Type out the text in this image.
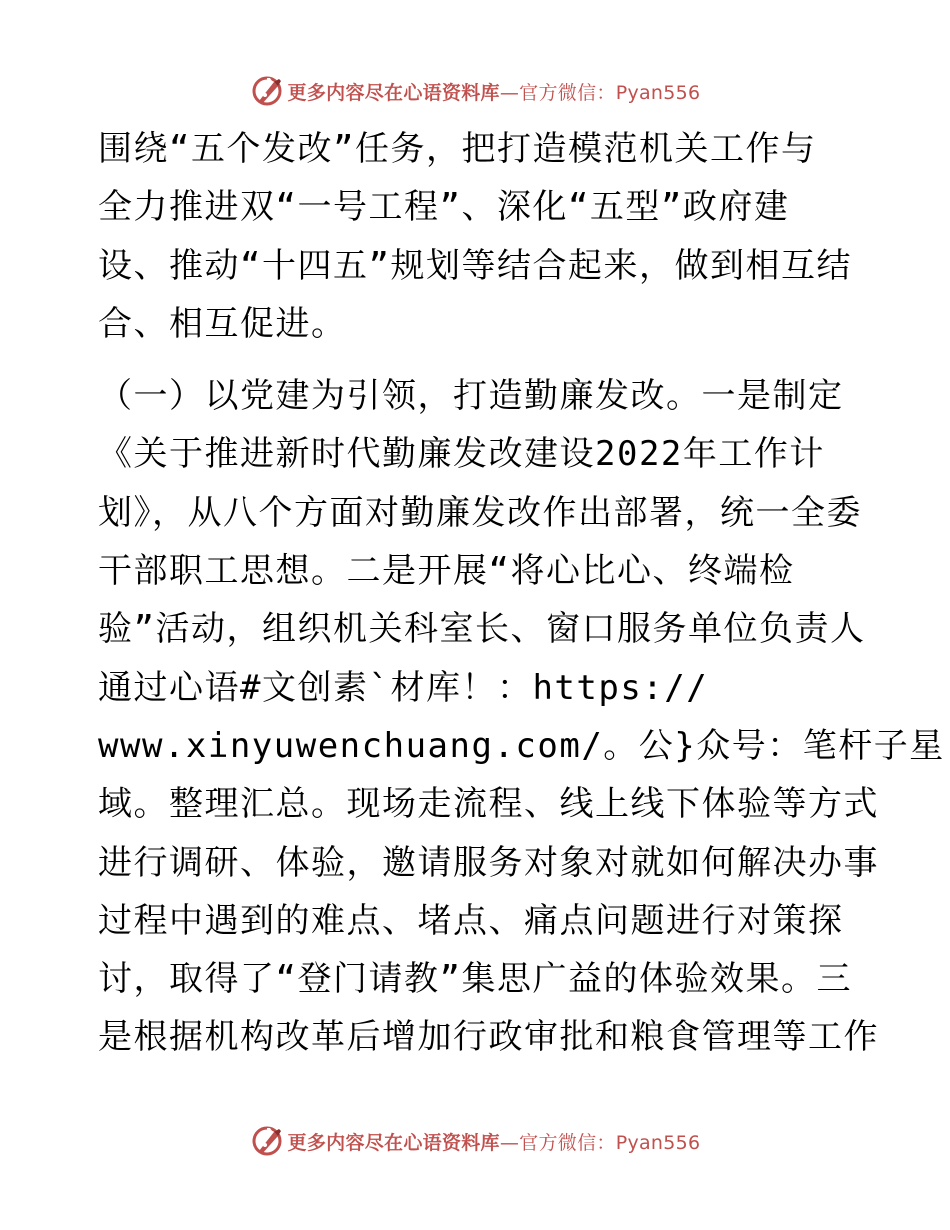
更多内容尽在心语资料库—官方微信：Pyan556
围绕“五个发改”任务，把打造模范机关工作与
全力推进双“一号工程”、深化“五型”政府建
设、推动“十四五”规划等结合起来，做到相互结
合、相互促进。
（一）以党建为引领，打造勤廉发改。一是制定
《关于推进新时代勤廉发改建设2022年工作计
划》，从八个方面对勤廉发改作出部署，统一全委
干部职工思想。二是开展“将心比心、终端检
验”活动，组织机关科室长、窗口服务单位负责人
通过心语#文创素`材库！：https://
www.xinyuwenchuang.com/。公}众号：笔杆子星
域。整理汇总。现场走流程、线上线下体验等方式
进行调研、体验，邀请服务对象对就如何解决办事
过程中遇到的难点、堵点、痛点问题进行对策探
讨，取得了“登门请教”集思广益的体验效果。三
是根据机构改革后增加行政审批和粮食管理等工作
更多内容尽在心语资料库—官方微信：Pyan556
